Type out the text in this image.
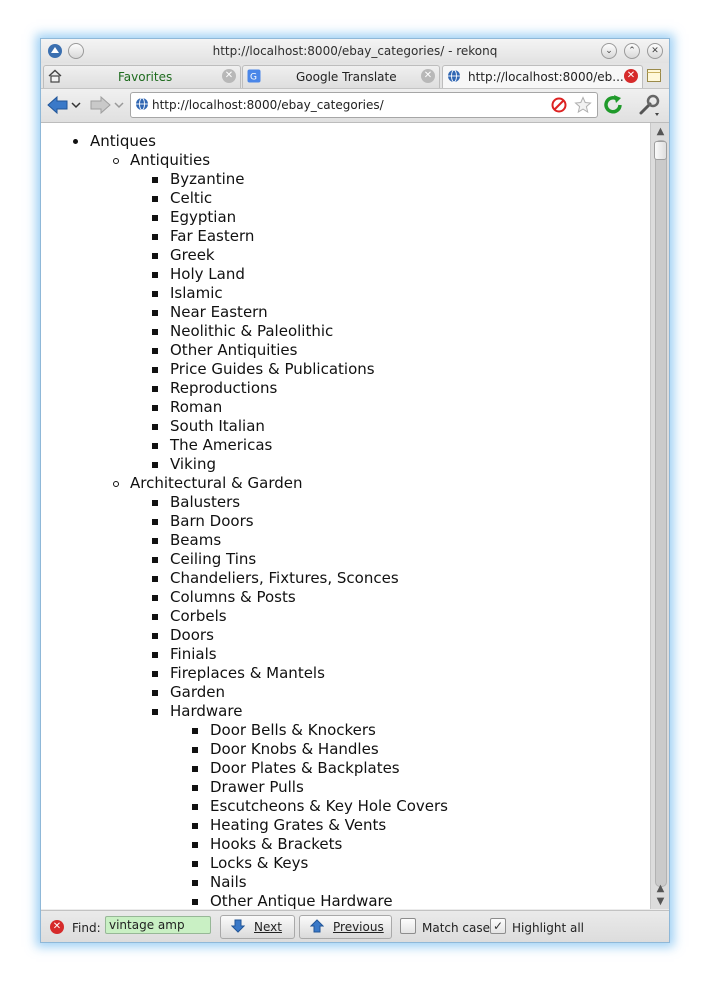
http://localhost:8000/ebay_categories/ - rekonq	⌄	⌃	✕
Favorites	✕	G	Google Translate	✕	http://localhost:8000/eb... ✕
http://localhost:8000/ebay_categories/
Antiques
Antiquities
Byzantine
Celtic
Egyptian
Far Eastern
Greek
Holy Land
Islamic
Near Eastern
Neolithic & Paleolithic
Other Antiquities
Price Guides & Publications
Reproductions
Roman
South Italian
The Americas
Viking
Architectural & Garden
Balusters
Barn Doors
Beams
Ceiling Tins
Chandeliers, Fixtures, Sconces
Columns & Posts
Corbels
Doors
Finials
Fireplaces & Mantels
Garden
Hardware
Door Bells & Knockers
Door Knobs & Handles
Door Plates & Backplates
Drawer Pulls
Escutcheons & Key Hole Covers
Heating Grates & Vents
Hooks & Brackets
Locks & Keys
Nails
Other Antique Hardware
▲
▲
▼
✕ Find:
vintage amp	Next	Previous	Match case ✓ Highlight all
